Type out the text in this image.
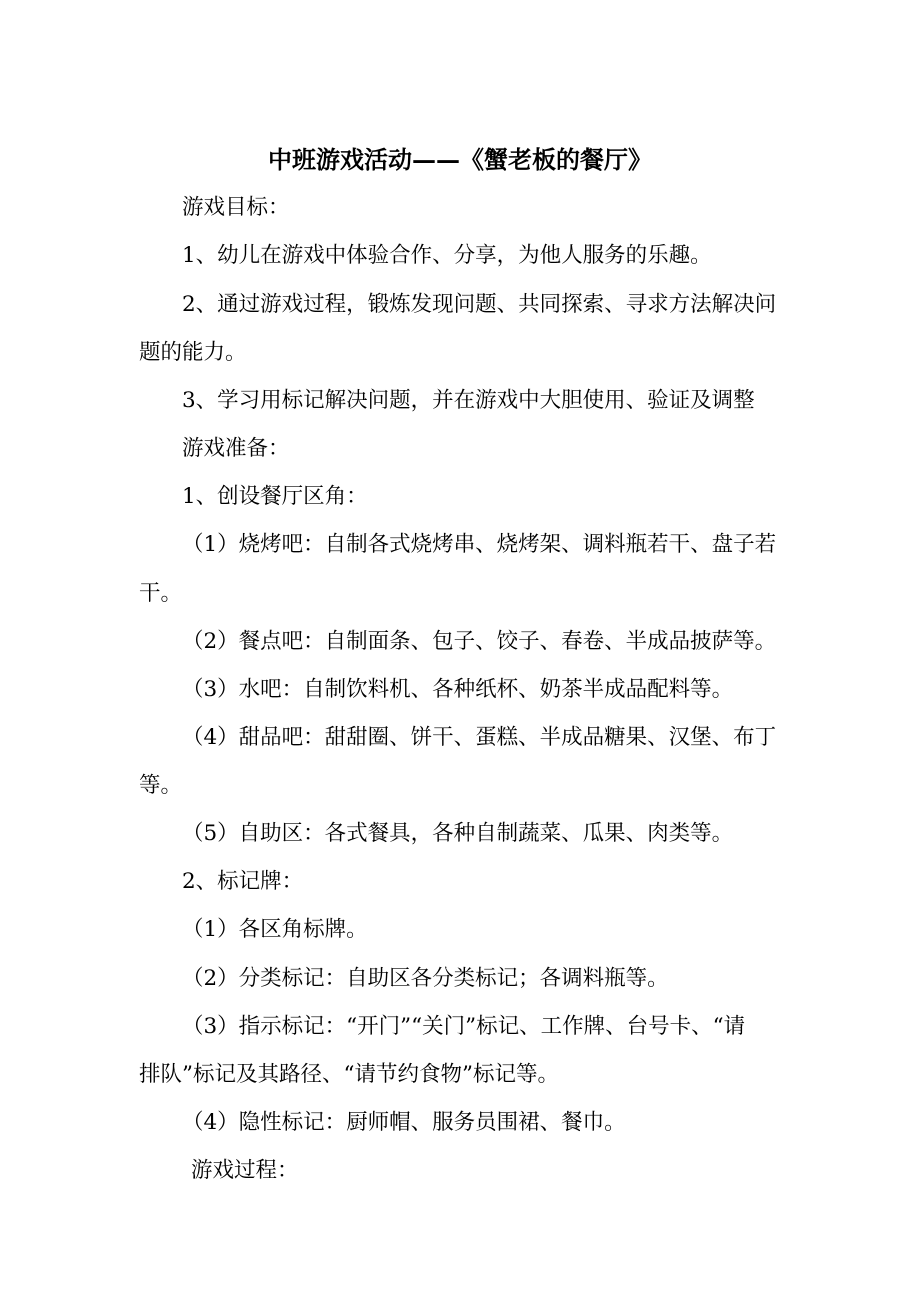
中班游戏活动——《蟹老板的餐厅》
游戏目标：
1、幼儿在游戏中体验合作、分享，为他人服务的乐趣。
2、通过游戏过程，锻炼发现问题、共同探索、寻求方法解决问
题的能力。
3、学习用标记解决问题，并在游戏中大胆使用、验证及调整
游戏准备：
1、创设餐厅区角：
（1）烧烤吧：自制各式烧烤串、烧烤架、调料瓶若干、盘子若
干。
（2）餐点吧：自制面条、包子、饺子、春卷、半成品披萨等。
（3）水吧：自制饮料机、各种纸杯、奶茶半成品配料等。
（4）甜品吧：甜甜圈、饼干、蛋糕、半成品糖果、汉堡、布丁
等。
（5）自助区：各式餐具，各种自制蔬菜、瓜果、肉类等。
2、标记牌：
（1）各区角标牌。
（2）分类标记：自助区各分类标记；各调料瓶等。
（3）指示标记：“开门”“关门”标记、工作牌、台号卡、“请
排队”标记及其路径、“请节约食物”标记等。
（4）隐性标记：厨师帽、服务员围裙、餐巾。
游戏过程：
